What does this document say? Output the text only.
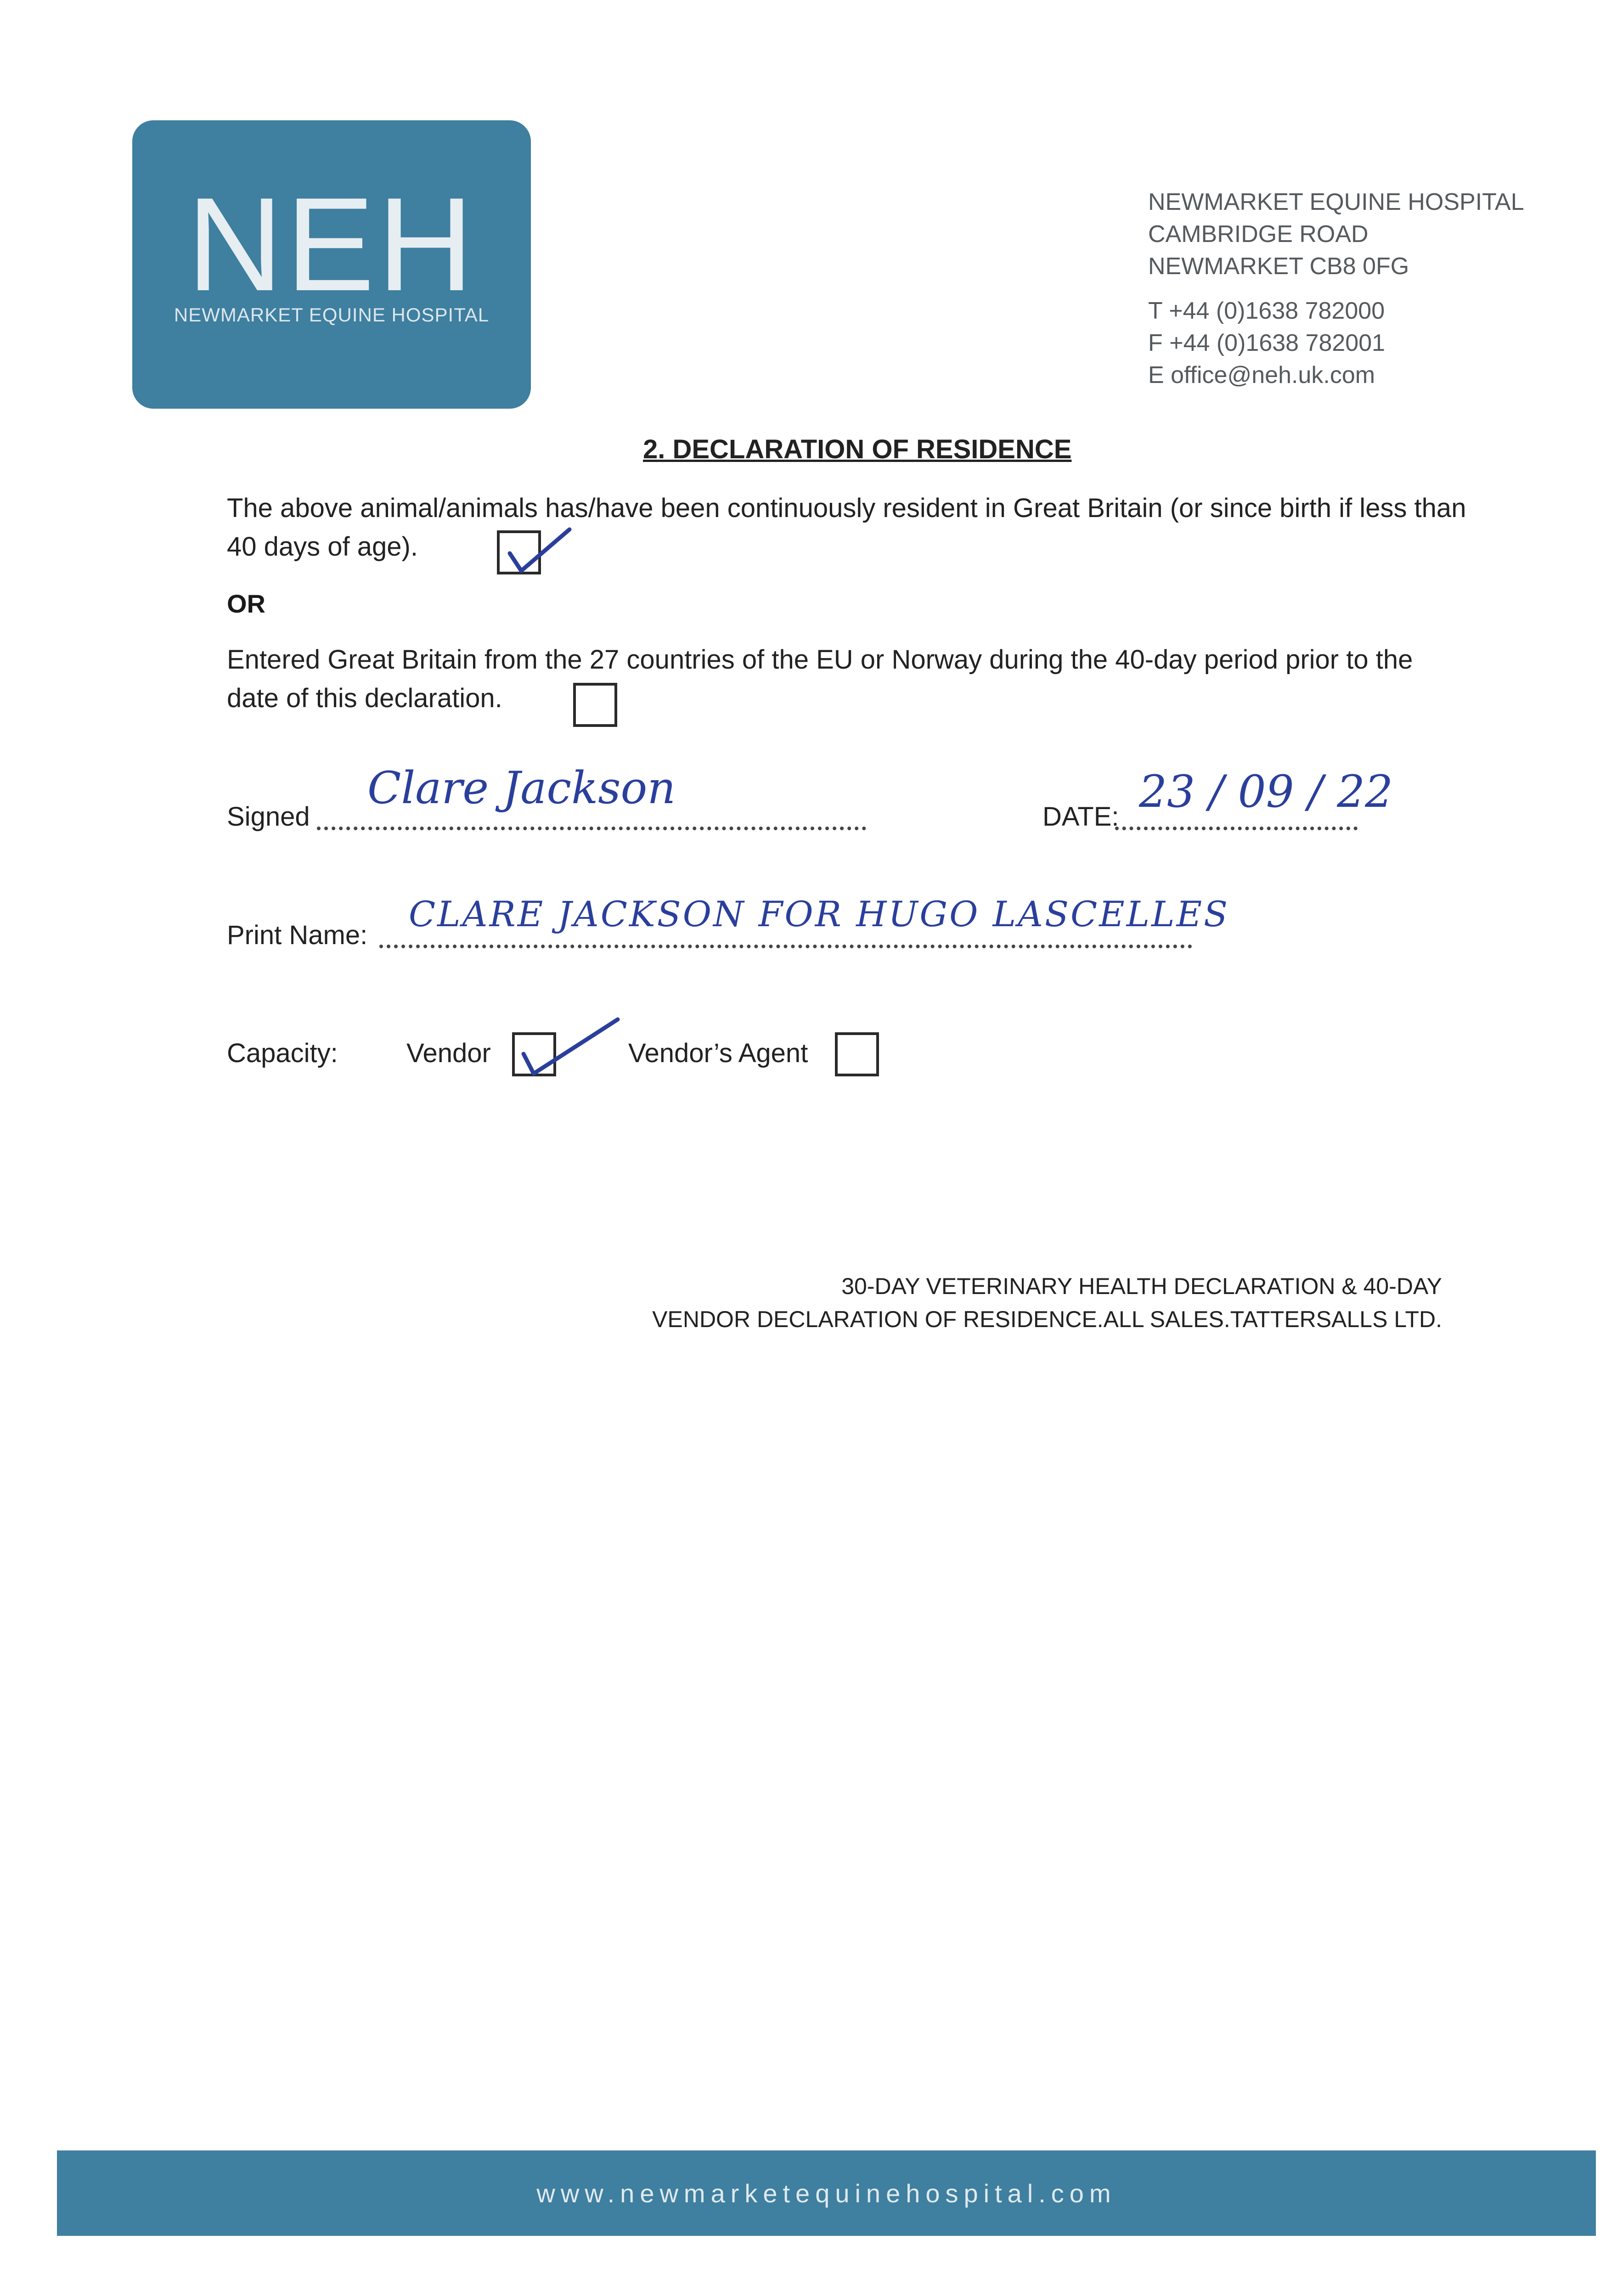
N E H
NEWMARKET EQUINE HOSPITAL
NEWMARKET EQUINE HOSPITAL
CAMBRIDGE ROAD
NEWMARKET CB8 0FG
T +44 (0)1638 782000
F +44 (0)1638 782001
E office@neh.uk.com
2. DECLARATION OF RESIDENCE
The above animal/animals has/have been continuously resident in Great Britain (or since birth if less than 40 days of age).
OR
Entered Great Britain from the 27 countries of the EU or Norway during the 40-day period prior to the date of this declaration.
Signed
Clare Jackson
DATE: 23 / 09 / 22
Print Name:
CLARE JACKSON FOR HUGO LASCELLES
Capacity:	Vendor	Vendor’s Agent
30-DAY VETERINARY HEALTH DECLARATION & 40-DAY
VENDOR DECLARATION OF RESIDENCE.ALL SALES.TATTERSALLS LTD.
www.newmarketequinehospital.com
